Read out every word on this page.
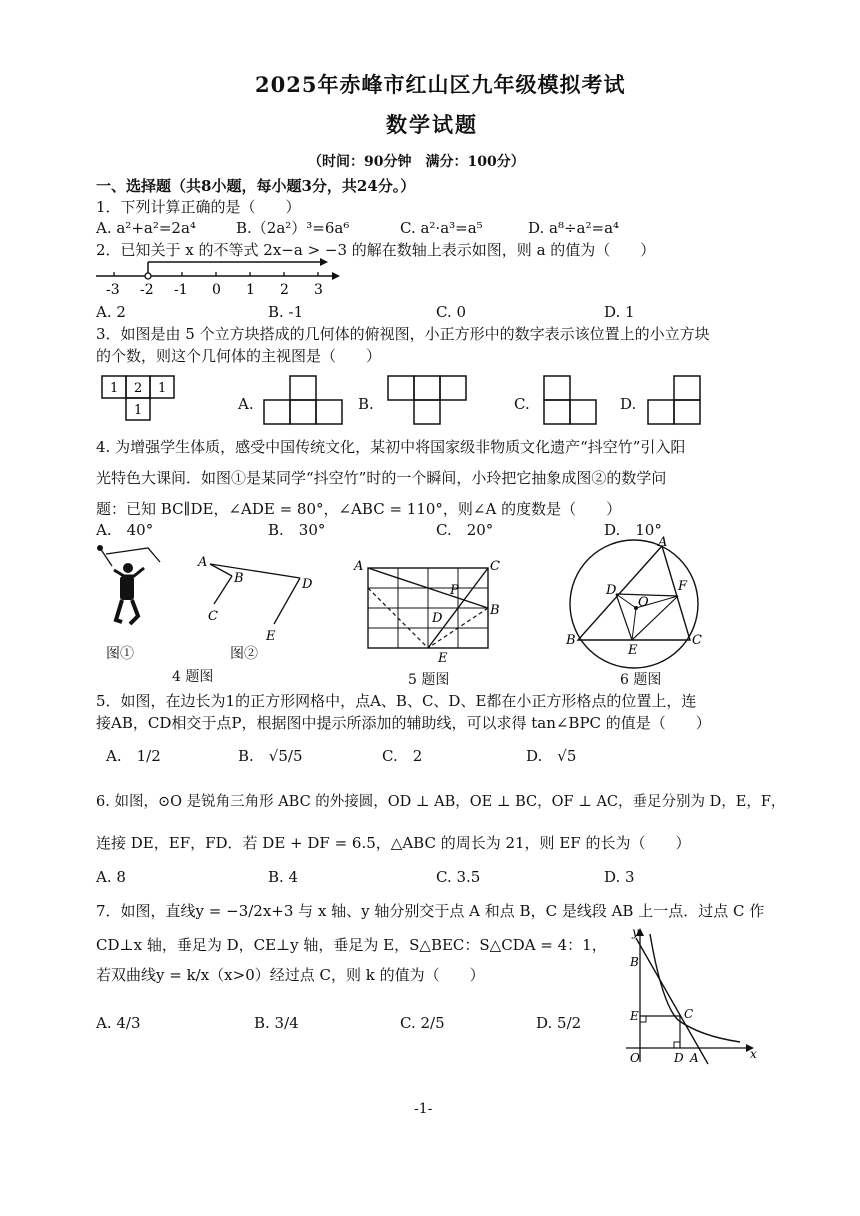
2025年赤峰市红山区九年级模拟考试
数学试题
（时间：90分钟　满分：100分）
一、选择题（共8小题，每小题3分，共24分。）
1．下列计算正确的是（　　）
A. a²+a²=2a⁴	B.（2a²）³=6a⁶	C. a²·a³=a⁵	D. a⁸÷a²=a⁴
2．已知关于 x 的不等式 2x−a > −3 的解在数轴上表示如图，则 a 的值为（　　）
-3 -2 -1 0 1 2 3
A. 2	B. -1	C. 0	D. 1
3．如图是由 5 个立方块搭成的几何体的俯视图，小正方形中的数字表示该位置上的小立方块
的个数，则这个几何体的主视图是（　　）
1 2 1
1	A.	B.	C.	D.
4. 为增强学生体质，感受中国传统文化，某初中将国家级非物质文化遗产“抖空竹”引入阳
光特色大课间．如图①是某同学“抖空竹”时的一个瞬间，小玲把它抽象成图②的数学问
题：已知 BC∥DE，∠ADE = 80°，∠ABC = 110°，则∠A 的度数是（　　）
A.　40°	B.　30°	C.　20°	D.　10°
图①
A
B
C
D
E
图②
4 题图
A	C
P
B
D
E
5 题图
A
B	C
D
E
F
O
6 题图
5．如图，在边长为1的正方形网格中，点A、B、C、D、E都在小正方形格点的位置上，连
接AB，CD相交于点P，根据图中提示所添加的辅助线，可以求得 tan∠BPC 的值是（　　）
A.　1/2	B.　√5/5	C.　2	D.　√5
6. 如图，⊙O 是锐角三角形 ABC 的外接圆，OD ⊥ AB，OE ⊥ BC，OF ⊥ AC，垂足分别为 D，E，F，
连接 DE，EF，FD．若 DE + DF = 6.5，△ABC 的周长为 21，则 EF 的长为（　　）
A. 8	B. 4	C. 3.5	D. 3
7．如图，直线y = −3/2x+3 与 x 轴、y 轴分别交于点 A 和点 B，C 是线段 AB 上一点．过点 C 作
CD⊥x 轴，垂足为 D，CE⊥y 轴，垂足为 E，S△BEC：S△CDA = 4：1，
若双曲线y = k/x（x>0）经过点 C，则 k 的值为（　　）
A. 4/3	B. 3/4	C. 2/5	D. 5/2
y
B
E	C
O	D A	x
-1-
